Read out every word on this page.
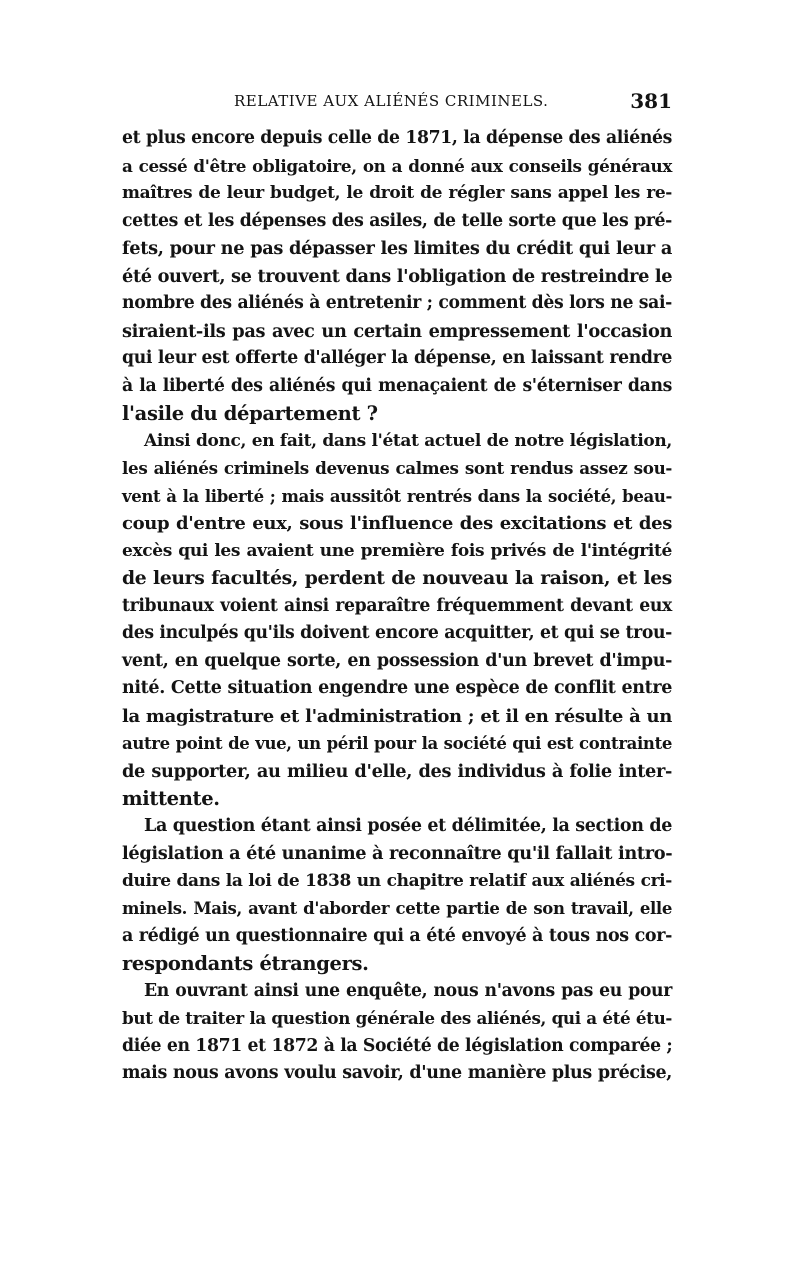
RELATIVE AUX ALIÉNÉS CRIMINELS.	381
et plus encore depuis celle de 1871, la dépense des aliénés
a cessé d'être obligatoire, on a donné aux conseils généraux
maîtres de leur budget, le droit de régler sans appel les re-
cettes et les dépenses des asiles, de telle sorte que les pré-
fets, pour ne pas dépasser les limites du crédit qui leur a
été ouvert, se trouvent dans l'obligation de restreindre le
nombre des aliénés à entretenir ; comment dès lors ne sai-
siraient-ils pas avec un certain empressement l'occasion
qui leur est offerte d'alléger la dépense, en laissant rendre
à la liberté des aliénés qui menaçaient de s'éterniser dans
l'asile du département ?
Ainsi donc, en fait, dans l'état actuel de notre législation,
les aliénés criminels devenus calmes sont rendus assez sou-
vent à la liberté ; mais aussitôt rentrés dans la société, beau-
coup d'entre eux, sous l'influence des excitations et des
excès qui les avaient une première fois privés de l'intégrité
de leurs facultés, perdent de nouveau la raison, et les
tribunaux voient ainsi reparaître fréquemment devant eux
des inculpés qu'ils doivent encore acquitter, et qui se trou-
vent, en quelque sorte, en possession d'un brevet d'impu-
nité. Cette situation engendre une espèce de conflit entre
la magistrature et l'administration ; et il en résulte à un
autre point de vue, un péril pour la société qui est contrainte
de supporter, au milieu d'elle, des individus à folie inter-
mittente.
La question étant ainsi posée et délimitée, la section de
législation a été unanime à reconnaître qu'il fallait intro-
duire dans la loi de 1838 un chapitre relatif aux aliénés cri-
minels. Mais, avant d'aborder cette partie de son travail, elle
a rédigé un questionnaire qui a été envoyé à tous nos cor-
respondants étrangers.
En ouvrant ainsi une enquête, nous n'avons pas eu pour
but de traiter la question générale des aliénés, qui a été étu-
diée en 1871 et 1872 à la Société de législation comparée ;
mais nous avons voulu savoir, d'une manière plus précise,
